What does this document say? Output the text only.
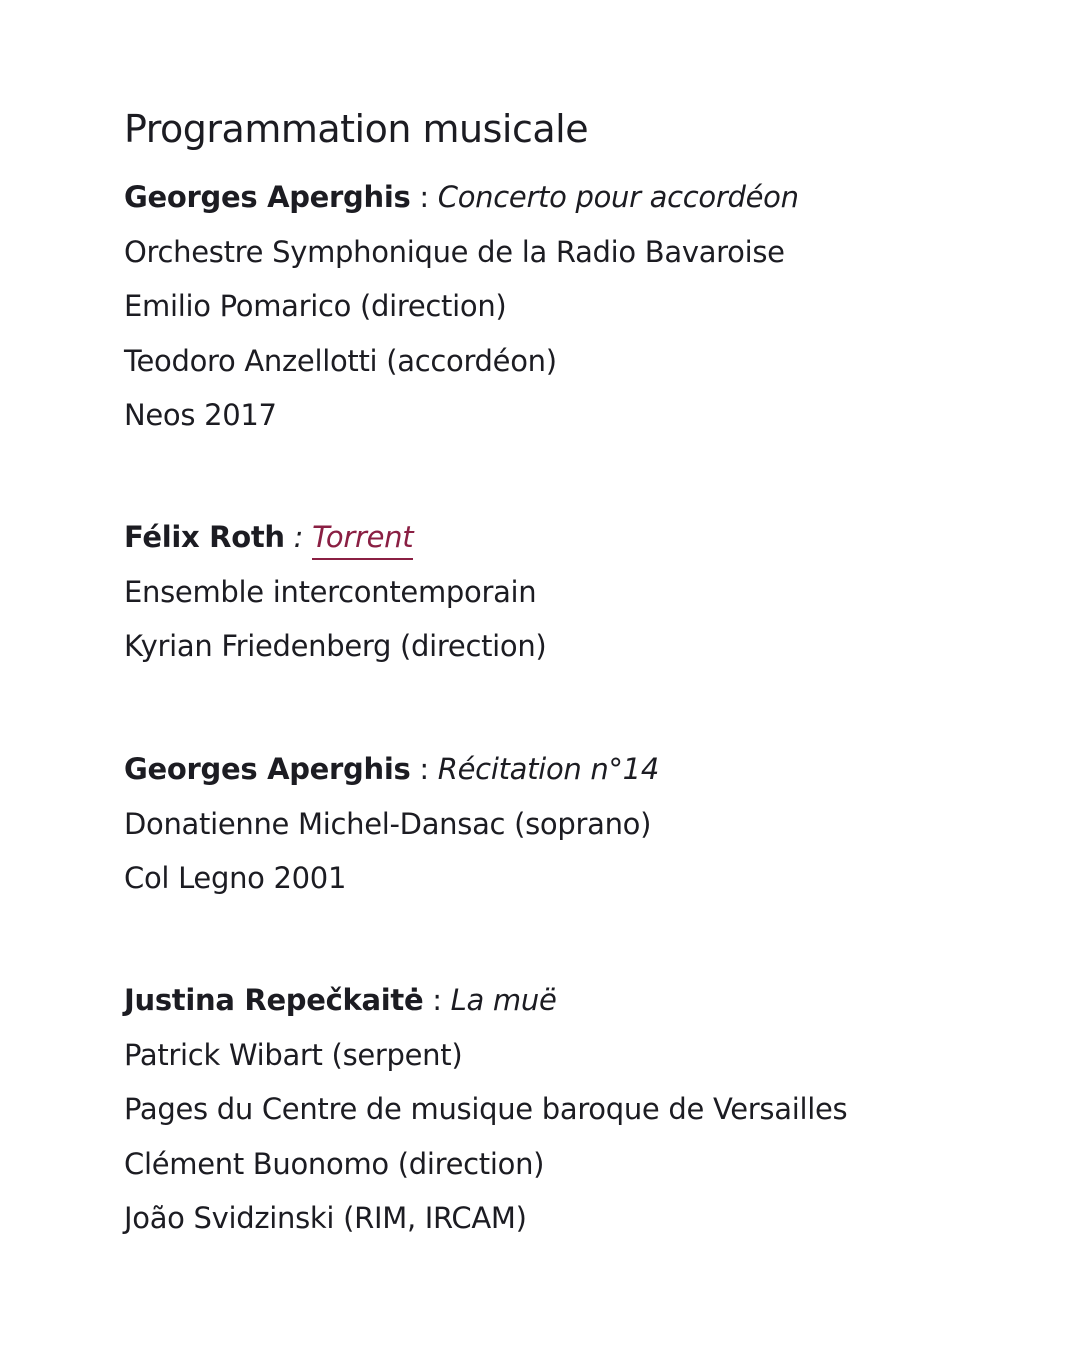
Programmation musicale
Georges Aperghis : Concerto pour accordéon
Orchestre Symphonique de la Radio Bavaroise
Emilio Pomarico (direction)
Teodoro Anzellotti (accordéon)
Neos 2017
Félix Roth : Torrent
Ensemble intercontemporain
Kyrian Friedenberg (direction)
Georges Aperghis : Récitation n°14
Donatienne Michel-Dansac (soprano)
Col Legno 2001
Justina Repečkaitė : La muë
Patrick Wibart (serpent)
Pages du Centre de musique baroque de Versailles
Clément Buonomo (direction)
João Svidzinski (RIM, IRCAM)
